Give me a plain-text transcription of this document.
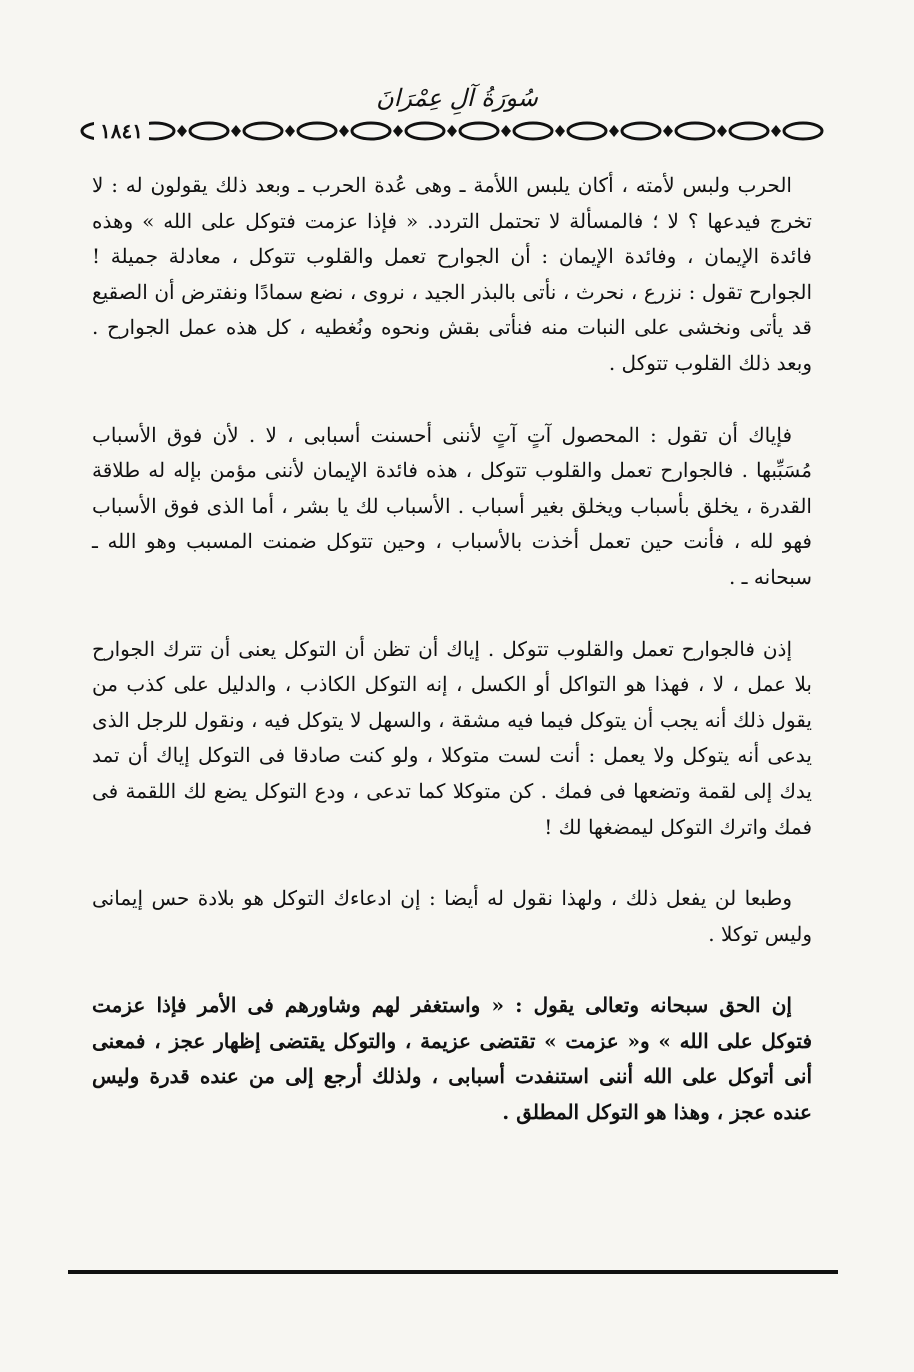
سُورَةُ آلِ عِمْرَانَ
١٨٤١

الحرب ولبس لأمته ، أكان يلبس اللأمة ـ وهى عُدة الحرب ـ وبعد ذلك يقولون له : لا تخرج فيدعها ؟ لا ؛ فالمسألة لا تحتمل التردد. « فإذا عزمت فتوكل على الله » وهذه فائدة الإيمان ، وفائدة الإيمان : أن الجوارح تعمل والقلوب تتوكل ، معادلة جميلة ! الجوارح تقول : نزرع ، نحرث ، نأتى بالبذر الجيد ، نروى ، نضع سمادًا ونفترض أن الصقيع قد يأتى ونخشى على النبات منه فنأتى بقش ونحوه ونُغطيه ، كل هذه عمل الجوارح . وبعد ذلك القلوب تتوكل .

فإياك أن تقول : المحصول آتٍ آتٍ لأننى أحسنت أسبابى ، لا . لأن فوق الأسباب مُسَبِّبها . فالجوارح تعمل والقلوب تتوكل ، هذه فائدة الإيمان لأننى مؤمن بإله له طلاقة القدرة ، يخلق بأسباب ويخلق بغير أسباب . الأسباب لك يا بشر ، أما الذى فوق الأسباب فهو لله ، فأنت حين تعمل أخذت بالأسباب ، وحين تتوكل ضمنت المسبب وهو الله ـ سبحانه ـ .

إذن فالجوارح تعمل والقلوب تتوكل . إياك أن تظن أن التوكل يعنى أن تترك الجوارح بلا عمل ، لا ، فهذا هو التواكل أو الكسل ، إنه التوكل الكاذب ، والدليل على كذب من يقول ذلك أنه يجب أن يتوكل فيما فيه مشقة ، والسهل لا يتوكل فيه ، ونقول للرجل الذى يدعى أنه يتوكل ولا يعمل : أنت لست متوكلا ، ولو كنت صادقا فى التوكل إياك أن تمد يدك إلى لقمة وتضعها فى فمك . كن متوكلا كما تدعى ، ودع التوكل يضع لك اللقمة فى فمك واترك التوكل ليمضغها لك !

وطبعا لن يفعل ذلك ، ولهذا نقول له أيضا : إن ادعاءك التوكل هو بلادة حس إيمانى وليس توكلا .

إن الحق سبحانه وتعالى يقول : « واستغفر لهم وشاورهم فى الأمر فإذا عزمت فتوكل على الله » و« عزمت » تقتضى عزيمة ، والتوكل يقتضى إظهار عجز ، فمعنى أنى أتوكل على الله أننى استنفدت أسبابى ، ولذلك أرجع إلى من عنده قدرة وليس عنده عجز ، وهذا هو التوكل المطلق .
